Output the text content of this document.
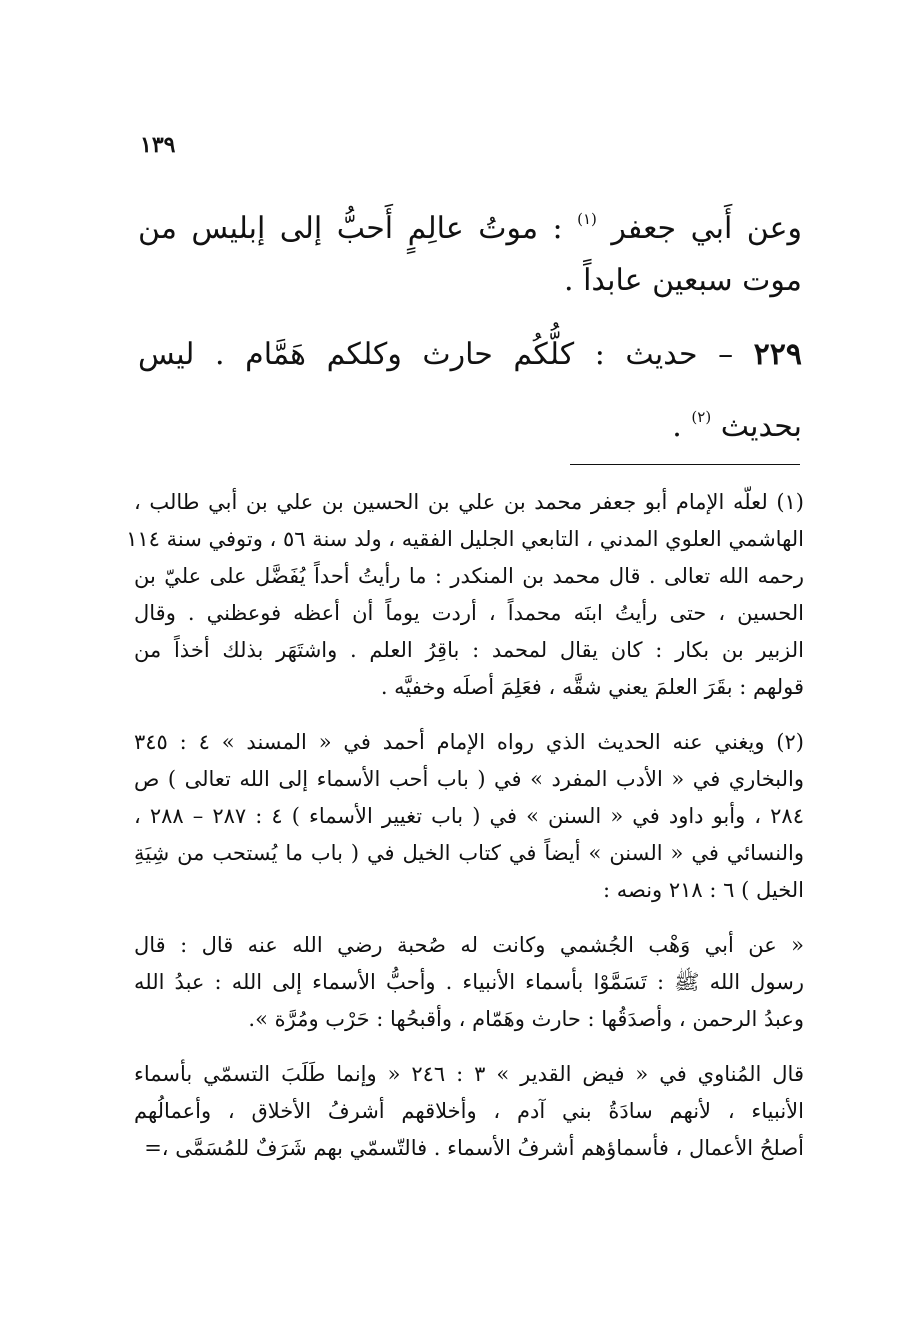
١٣٩
وعن أَبي جعفر $^{(١)}$ : موتُ عالِمٍ أَحبُّ إلى إبليس من
موت سبعين عابداً .
٢٢٩ – حديث : كلُّكُم حارث وكلكم هَمَّام . ليس
بحديث $^{(٢)}$ .
(١) لعلّه الإمام أبو جعفر محمد بن علي بن الحسين بن علي بن أبي طالب ،
الهاشمي العلوي المدني ، التابعي الجليل الفقيه ، ولد سنة ٥٦ ، وتوفي سنة ١١٤
رحمه الله تعالى . قال محمد بن المنكدر : ما رأيتُ أحداً يُفَضَّل على عليّ بن
الحسين ، حتى رأيتُ ابنَه محمداً ، أردت يوماً أن أعظه فوعظني . وقال
الزبير بن بكار : كان يقال لمحمد : باقِرُ العلم . واشتَهَر بذلك أخذاً من
قولهم : بقَرَ العلمَ يعني شقَّه ، فعَلِمَ أصلَه وخفيَّه .
(٢) ويغني عنه الحديث الذي رواه الإمام أحمد في « المسند » ٤ : ٣٤٥
والبخاري في « الأدب المفرد » في ( باب أحب الأسماء إلى الله تعالى ) ص
٢٨٤ ، وأبو داود في « السنن » في ( باب تغيير الأسماء ) ٤ : ٢٨٧ – ٢٨٨ ،
والنسائي في « السنن » أيضاً في كتاب الخيل في ( باب ما يُستحب من شِيَةِ
الخيل ) ٦ : ٢١٨ ونصه :
« عن أبي وَهْب الجُشمي وكانت له صُحبة رضي الله عنه قال : قال
رسول الله ﷺ : تَسَمَّوْا بأسماء الأنبياء . وأحبُّ الأسماء إلى الله : عبدُ الله
وعبدُ الرحمن ، وأصدَقُها : حارث وهَمّام ، وأقبحُها : حَرْب ومُرَّة ».
قال المُناوي في « فيض القدير » ٣ : ٢٤٦ « وإنما طَلَبَ التسمّي بأسماء
الأنبياء ، لأنهم سادَةُ بني آدم ، وأخلاقهم أشرفُ الأخلاق ، وأعمالُهم
أصلحُ الأعمال ، فأسماؤهم أشرفُ الأسماء . فالتّسمّي بهم شَرَفٌ للمُسَمَّى ،=
